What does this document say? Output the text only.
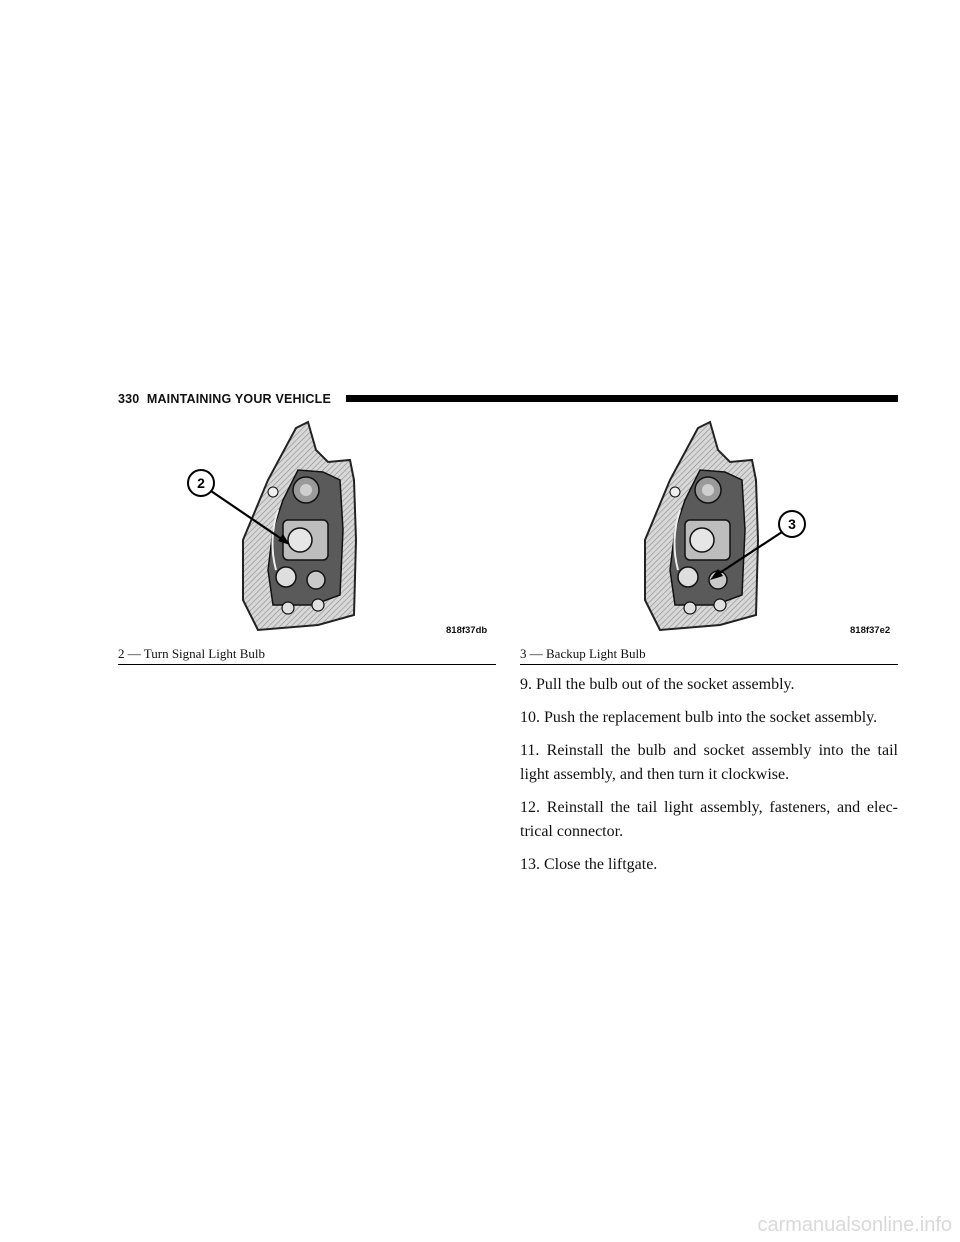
330 MAINTAINING YOUR VEHICLE
2
818f37db
3
818f37e2
2 — Turn Signal Light Bulb	3 — Backup Light Bulb

9. Pull the bulb out of the socket assembly.

10. Push the replacement bulb into the socket assembly.

11. Reinstall the bulb and socket assembly into the tail light assembly, and then turn it clockwise.

12. Reinstall the tail light assembly, fasteners, and elec-trical connector.

13. Close the liftgate.

carmanualsonline.info
